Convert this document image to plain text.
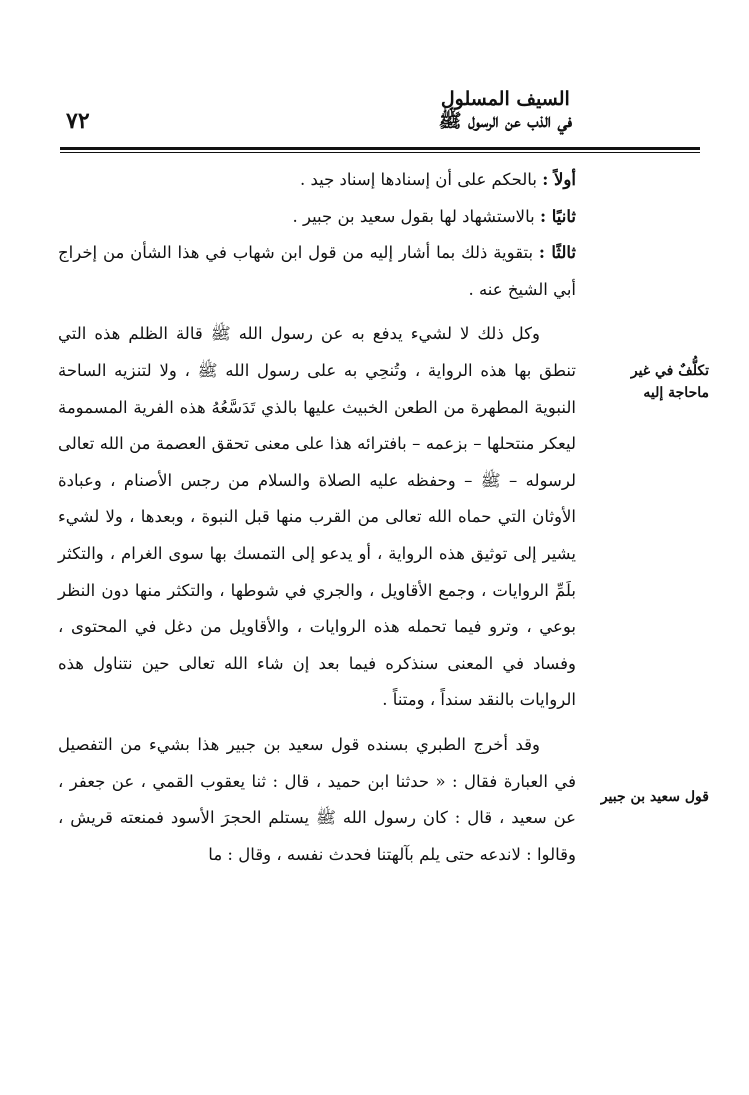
٧٢
السيف المسلول
في الذب عن الرسول ﷺ
تكلُّفٌ في غير
ماحاجة إليه
قول سعيد بن جبير

أولاً : بالحكم على أن إسنادها إسناد جيد .

ثانيًا : بالاستشهاد لها بقول سعيد بن جبير .

ثالثًا : بتقوية ذلك بما أشار إليه من قول ابن شهاب في هذا الشأن من إخراج أبي الشيخ عنه .

وكل ذلك لا لشيء يدفع به عن رسول الله ﷺ قالة الظلم هذه التي تنطق بها هذه الرواية ، وتُنحِي به على رسول الله ﷺ ، ولا لتنزيه الساحة النبوية المطهرة من الطعن الخبيث عليها بالذي تَدَسَّعُهُ هذه الفرية المسمومة ليعكر منتحلها – بزعمه – بافترائه هذا على معنى تحقق العصمة من الله تعالى لرسوله – ﷺ – وحفظه عليه الصلاة والسلام من رجس الأصنام ، وعبادة الأوثان التي حماه الله تعالى من القرب منها قبل النبوة ، وبعدها ، ولا لشيء يشير إلى توثيق هذه الرواية ، أو يدعو إلى التمسك بها سوى الغرام ، والتكثر بلَمِّ الروايات ، وجمع الأقاويل ، والجري في شوطها ، والتكثر منها دون النظر بوعي ، وترو فيما تحمله هذه الروايات ، والأقاويل من دغل في المحتوى ، وفساد في المعنى سنذكره فيما بعد إن شاء الله تعالى حين نتناول هذه الروايات بالنقد سنداً ، ومتناً .

وقد أخرج الطبري بسنده قول سعيد بن جبير هذا بشيء من التفصيل في العبارة فقال : « حدثنا ابن حميد ، قال : ثنا يعقوب القمي ، عن جعفر ، عن سعيد ، قال : كان رسول الله ﷺ يستلم الحجرَ الأسود فمنعته قريش ، وقالوا : لاندعه حتى يلم بآلهتنا فحدث نفسه ، وقال : ما
